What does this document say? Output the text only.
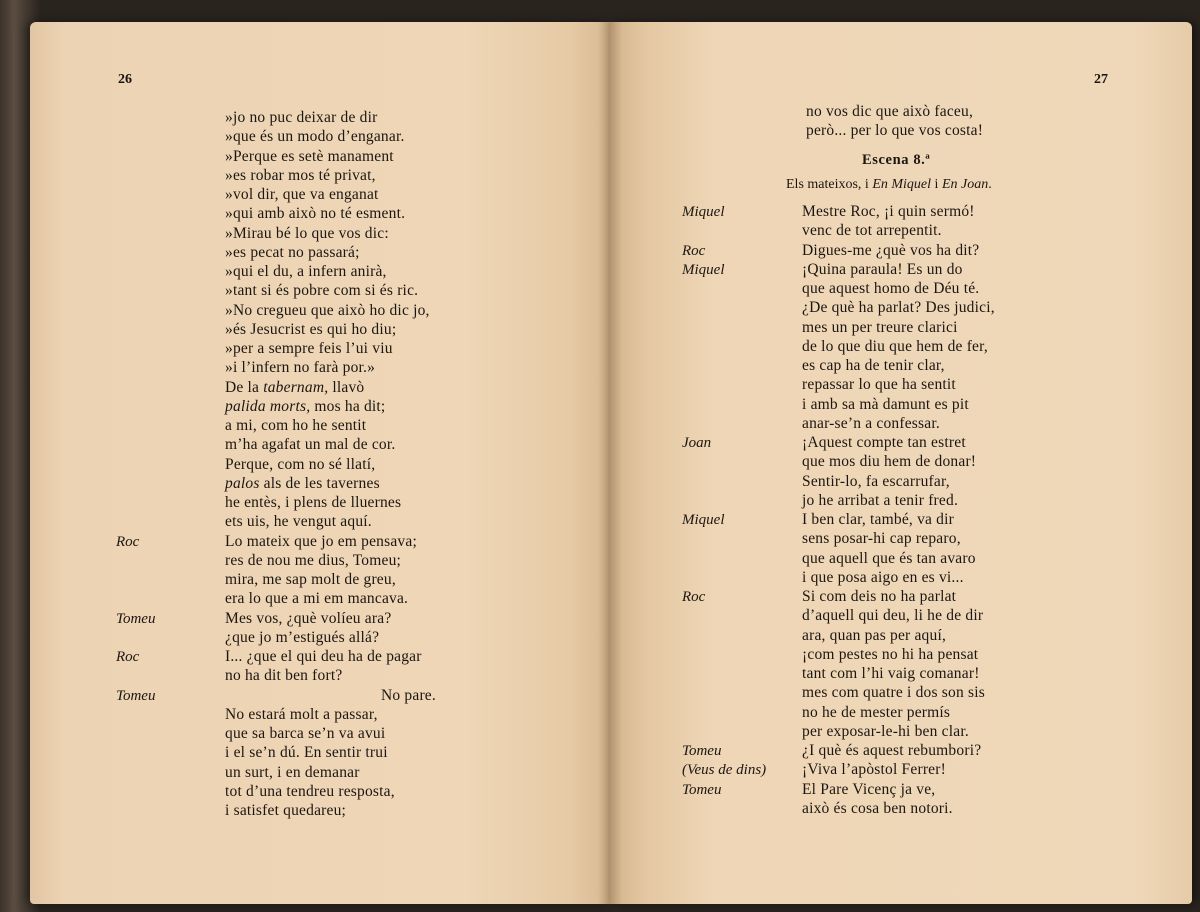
26
»jo no puc deixar de dir
»que és un modo d’enganar.
»Perque es setè manament
»es robar mos té privat,
»vol dir, que va enganat
»qui amb això no té esment.
»Mirau bé lo que vos dic:
»es pecat no passará;
»qui el du, a infern anirà,
»tant si és pobre com si és ric.
»No cregueu que això ho dic jo,
»és Jesucrist es qui ho diu;
»per a sempre feis l’ui viu
»i l’infern no farà por.»
De la tabernam, llavò
palida morts, mos ha dit;
a mi, com ho he sentit
m’ha agafat un mal de cor.
Perque, com no sé llatí,
palos als de les tavernes
he entès, i plens de lluernes
ets uis, he vengut aquí.
Roc	Lo mateix que jo em pensava;
res de nou me dius, Tomeu;
mira, me sap molt de greu,
era lo que a mi em mancava.
Tomeu	Mes vos, ¿què volíeu ara?
¿que jo m’estigués allá?
Roc	I... ¿que el qui deu ha de pagar
no ha dit ben fort?
Tomeu	No pare.
No estará molt a passar,
que sa barca se’n va avui
i el se’n dú. En sentir trui
un surt, i en demanar
tot d’una tendreu resposta,
i satisfet quedareu;
27
no vos dic que això faceu,
però... per lo que vos costa!
Escena 8.ª
Els mateixos, i En Miquel i En Joan.
Miquel	Mestre Roc, ¡i quin sermó!
venc de tot arrepentit.
Roc	Digues-me ¿què vos ha dit?
Miquel	¡Quina paraula! Es un do
que aquest homo de Déu té.
¿De què ha parlat? Des judici,
mes un per treure clarici
de lo que diu que hem de fer,
es cap ha de tenir clar,
repassar lo que ha sentit
i amb sa mà damunt es pit
anar-se’n a confessar.
Joan	¡Aquest compte tan estret
que mos diu hem de donar!
Sentir-lo, fa escarrufar,
jo he arribat a tenir fred.
Miquel	I ben clar, també, va dir
sens posar-hi cap reparo,
que aquell que és tan avaro
i que posa aigo en es vi...
Roc	Si com deis no ha parlat
d’aquell qui deu, li he de dir
ara, quan pas per aquí,
¡com pestes no hi ha pensat
tant com l’hi vaig comanar!
mes com quatre i dos son sis
no he de mester permís
per exposar-le-hi ben clar.
Tomeu	¿I què és aquest rebumbori?
(Veus de dins) ¡Viva l’apòstol Ferrer!
Tomeu	El Pare Vicenç ja ve,
això és cosa ben notori.
